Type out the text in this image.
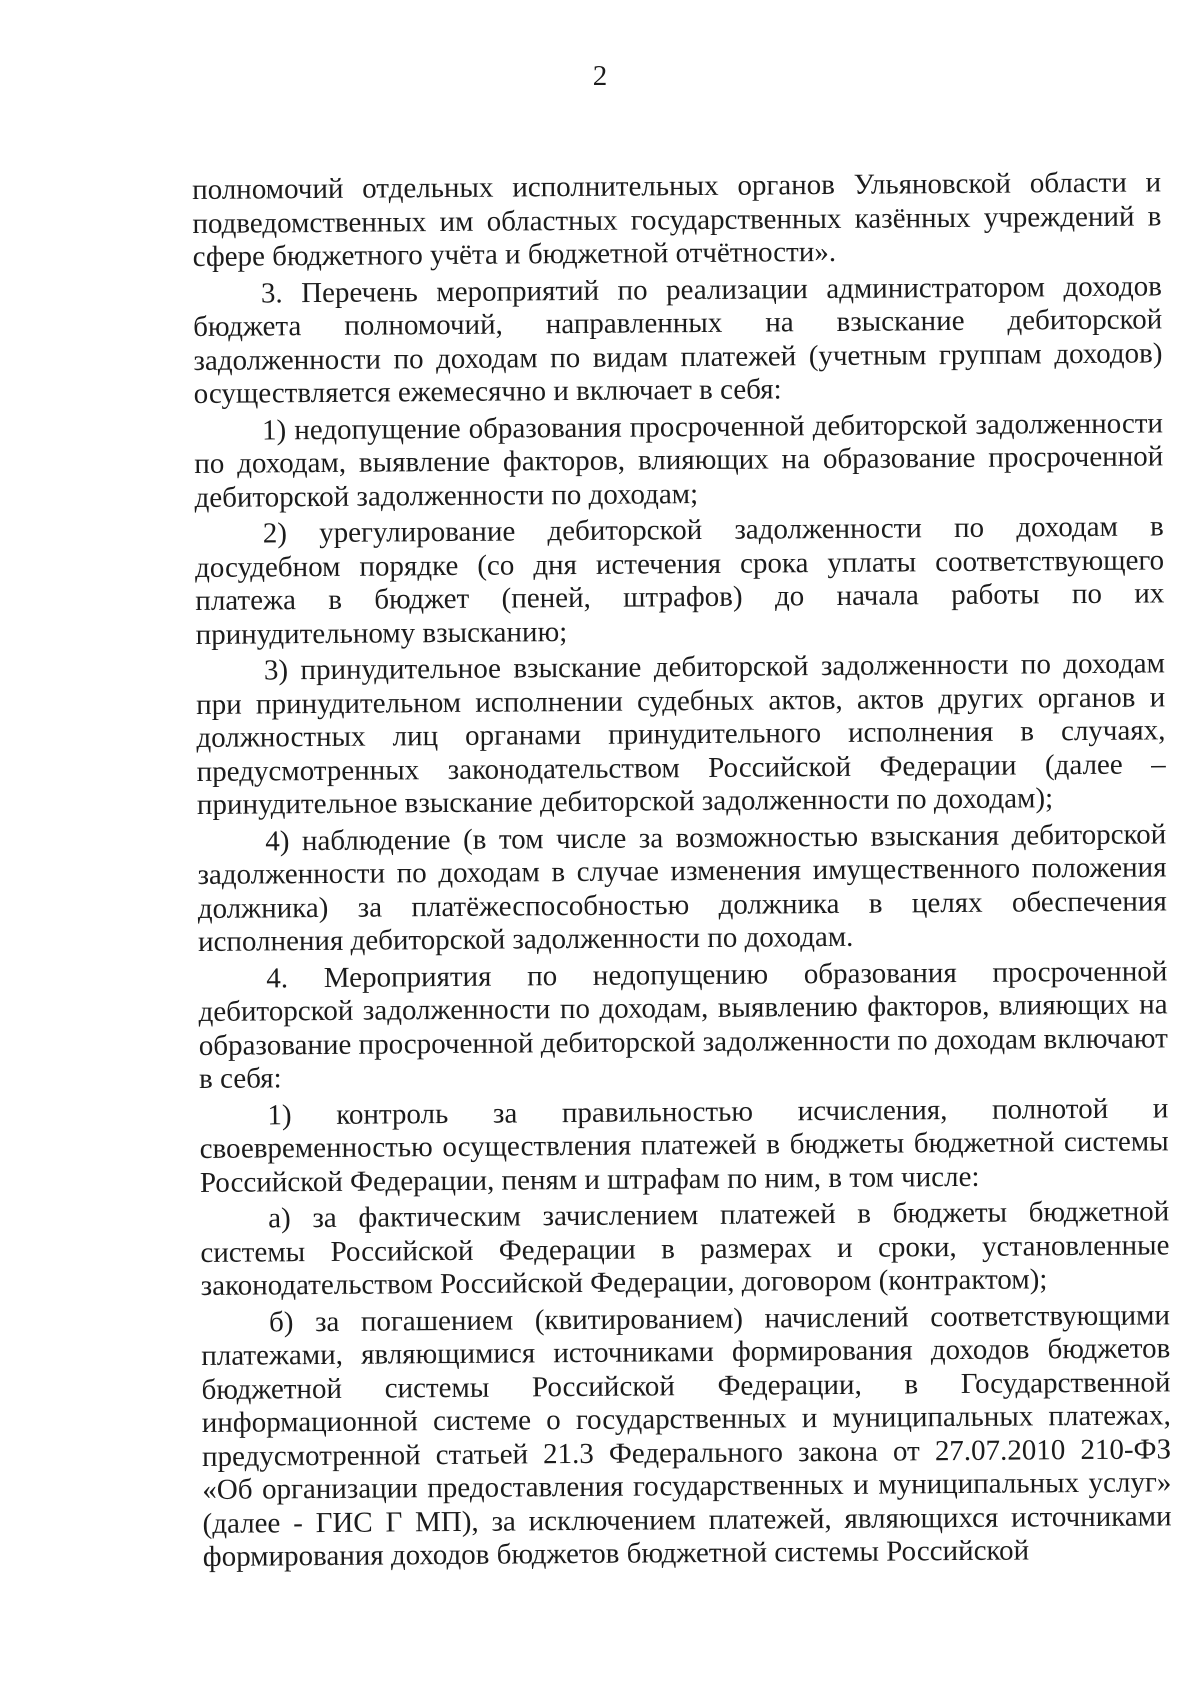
2

полномочий отдельных исполнительных органов Ульяновской области и подведомственных им областных государственных казённых учреждений в сфере бюджетного учёта и бюджетной отчётности».

3. Перечень мероприятий по реализации администратором доходов бюджета полномочий, направленных на взыскание дебиторской задолженности по доходам по видам платежей (учетным группам доходов) осуществляется ежемесячно и включает в себя:

1) недопущение образования просроченной дебиторской задолженности по доходам, выявление факторов, влияющих на образование просроченной дебиторской задолженности по доходам;

2) урегулирование дебиторской задолженности по доходам в досудебном порядке (со дня истечения срока уплаты соответствующего платежа в бюджет (пеней, штрафов) до начала работы по их принудительному взысканию;

3) принудительное взыскание дебиторской задолженности по доходам при принудительном исполнении судебных актов, актов других органов и должностных лиц органами принудительного исполнения в случаях, предусмотренных законодательством Российской Федерации (далее – принудительное взыскание дебиторской задолженности по доходам);

4) наблюдение (в том числе за возможностью взыскания дебиторской задолженности по доходам в случае изменения имущественного положения должника) за платёжеспособностью должника в целях обеспечения исполнения дебиторской задолженности по доходам.

4. Мероприятия по недопущению образования просроченной дебиторской задолженности по доходам, выявлению факторов, влияющих на образование просроченной дебиторской задолженности по доходам включают в себя:

1) контроль за правильностью исчисления, полнотой и своевременностью осуществления платежей в бюджеты бюджетной системы Российской Федерации, пеням и штрафам по ним, в том числе:

а) за фактическим зачислением платежей в бюджеты бюджетной системы Российской Федерации в размерах и сроки, установленные законодательством Российской Федерации, договором (контрактом);

б) за погашением (квитированием) начислений соответствующими платежами, являющимися источниками формирования доходов бюджетов бюджетной системы Российской Федерации, в Государственной информационной системе о государственных и муниципальных платежах, предусмотренной статьей 21.3 Федерального закона от 27.07.2010 210-ФЗ «Об организации предоставления государственных и муниципальных услуг» (далее - ГИС Г МП), за исключением платежей, являющихся источниками формирования доходов бюджетов бюджетной системы Российской
